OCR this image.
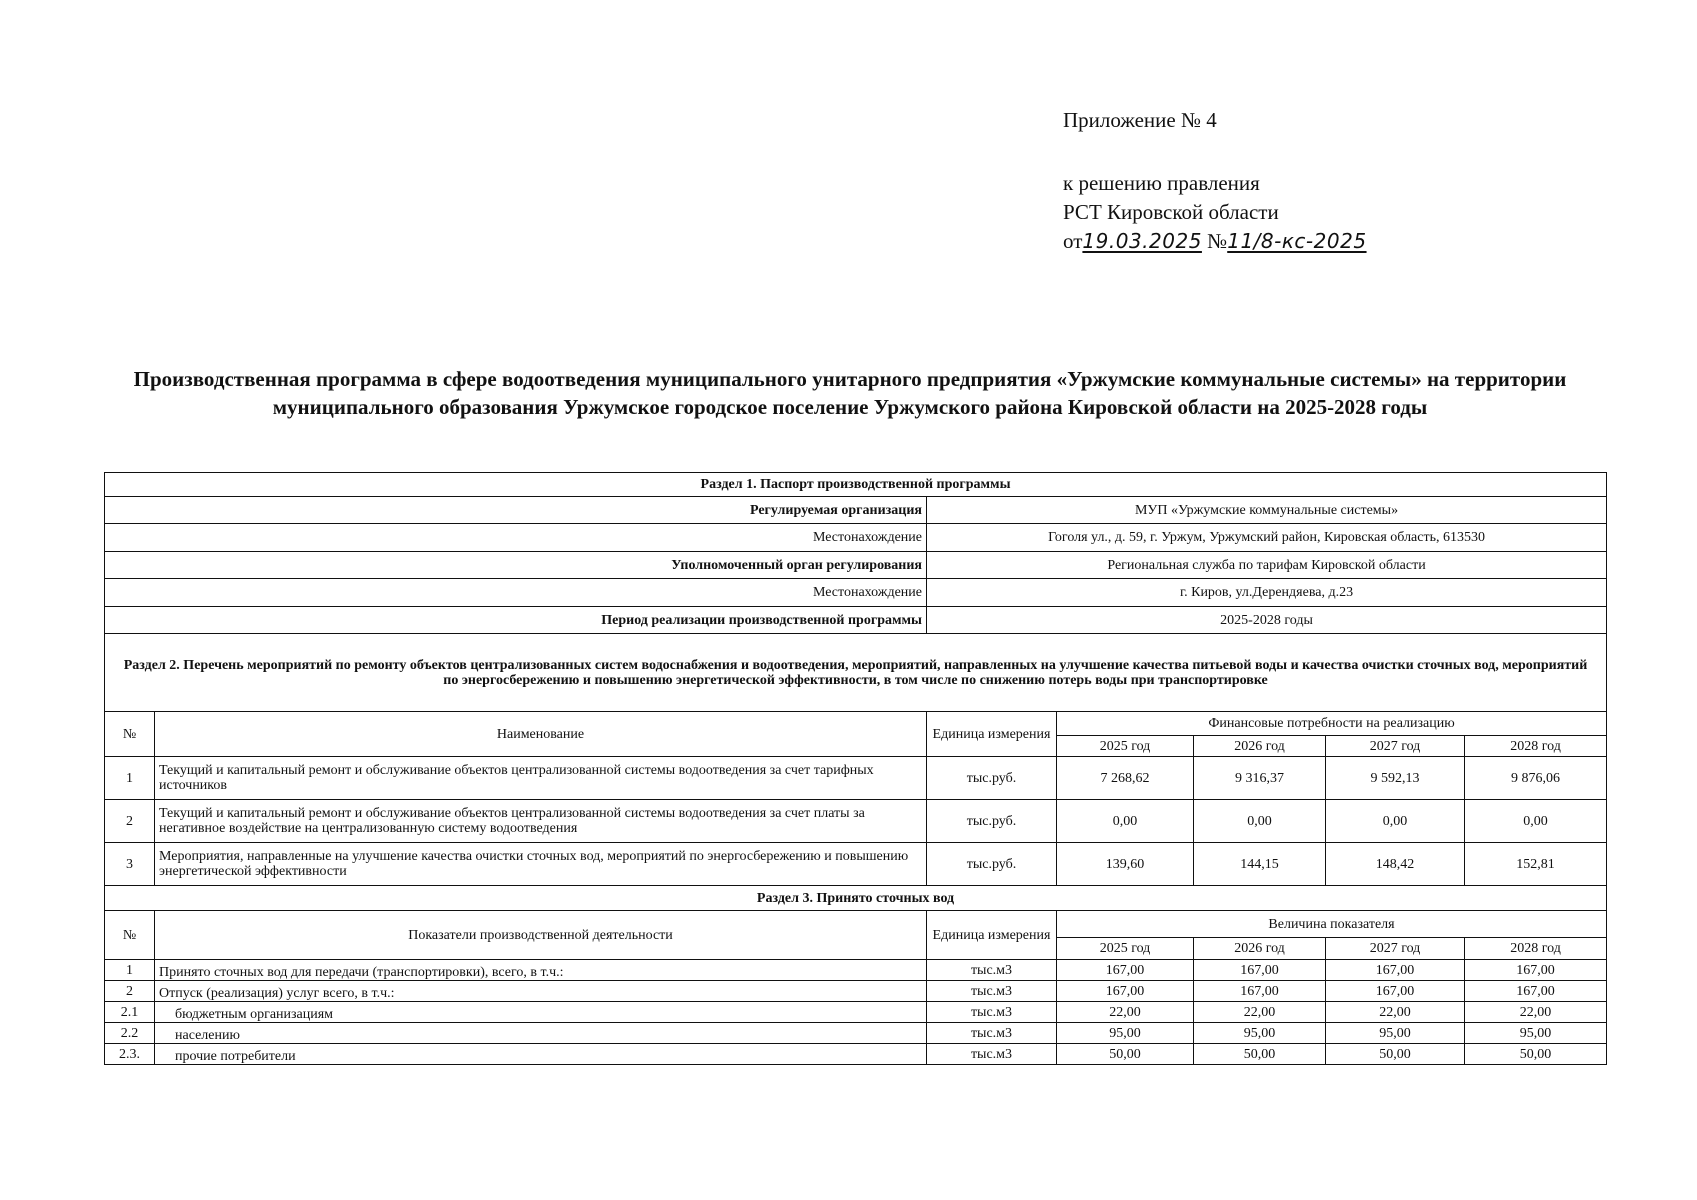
Приложение № 4
к решению правления
РСТ Кировской области
от19.03.2025 №11/8-кс-2025
Производственная программа в сфере водоотведения муниципального унитарного предприятия «Уржумские коммунальные системы» на территории муниципального образования Уржумское городское поселение Уржумского района Кировской области на 2025-2028 годы
Раздел 1. Паспорт производственной программы						
Регулируемая организация		МУП «Уржумские коммунальные системы»				
Местонахождение		Гоголя ул., д. 59, г. Уржум, Уржумский район, Кировская область, 613530				
Уполномоченный орган регулирования		Региональная служба по тарифам Кировской области				
Местонахождение		г. Киров, ул.Дерендяева, д.23				
Период реализации производственной программы		2025-2028 годы				
Раздел 2. Перечень мероприятий по ремонту объектов централизованных систем водоснабжения и водоотведения, мероприятий, направленных на улучшение качества питьевой воды и качества очистки сточных вод, мероприятий по энергосбережению и повышению энергетической эффективности, в том числе по снижению потерь воды при транспортировке						
№	Наименование	Единица измерения	Финансовые потребности на реализацию			
			2025 год	2026 год	2027 год	2028 год
1	Текущий и капитальный ремонт и обслуживание объектов централизованной системы водоотведения за счет тарифных источников	тыс.руб.	7 268,62	9 316,37	9 592,13	9 876,06
2	Текущий и капитальный ремонт и обслуживание объектов централизованной системы водоотведения за счет платы за негативное воздействие на централизованную систему водоотведения	тыс.руб.	0,00	0,00	0,00	0,00
3	Мероприятия, направленные на улучшение качества очистки сточных вод, мероприятий по энергосбережению и повышению энергетической эффективности	тыс.руб.	139,60	144,15	148,42	152,81
Раздел 3. Принято сточных вод						
№	Показатели производственной деятельности	Единица измерения	Величина показателя			
			2025 год	2026 год	2027 год	2028 год
1	Принято сточных вод для передачи (транспортировки), всего, в т.ч.:	тыс.м3	167,00	167,00	167,00	167,00
2	Отпуск (реализация) услуг всего, в т.ч.:	тыс.м3	167,00	167,00	167,00	167,00
2.1	бюджетным организациям	тыс.м3	22,00	22,00	22,00	22,00
2.2	населению	тыс.м3	95,00	95,00	95,00	95,00
2.3.	прочие потребители	тыс.м3	50,00	50,00	50,00	50,00
